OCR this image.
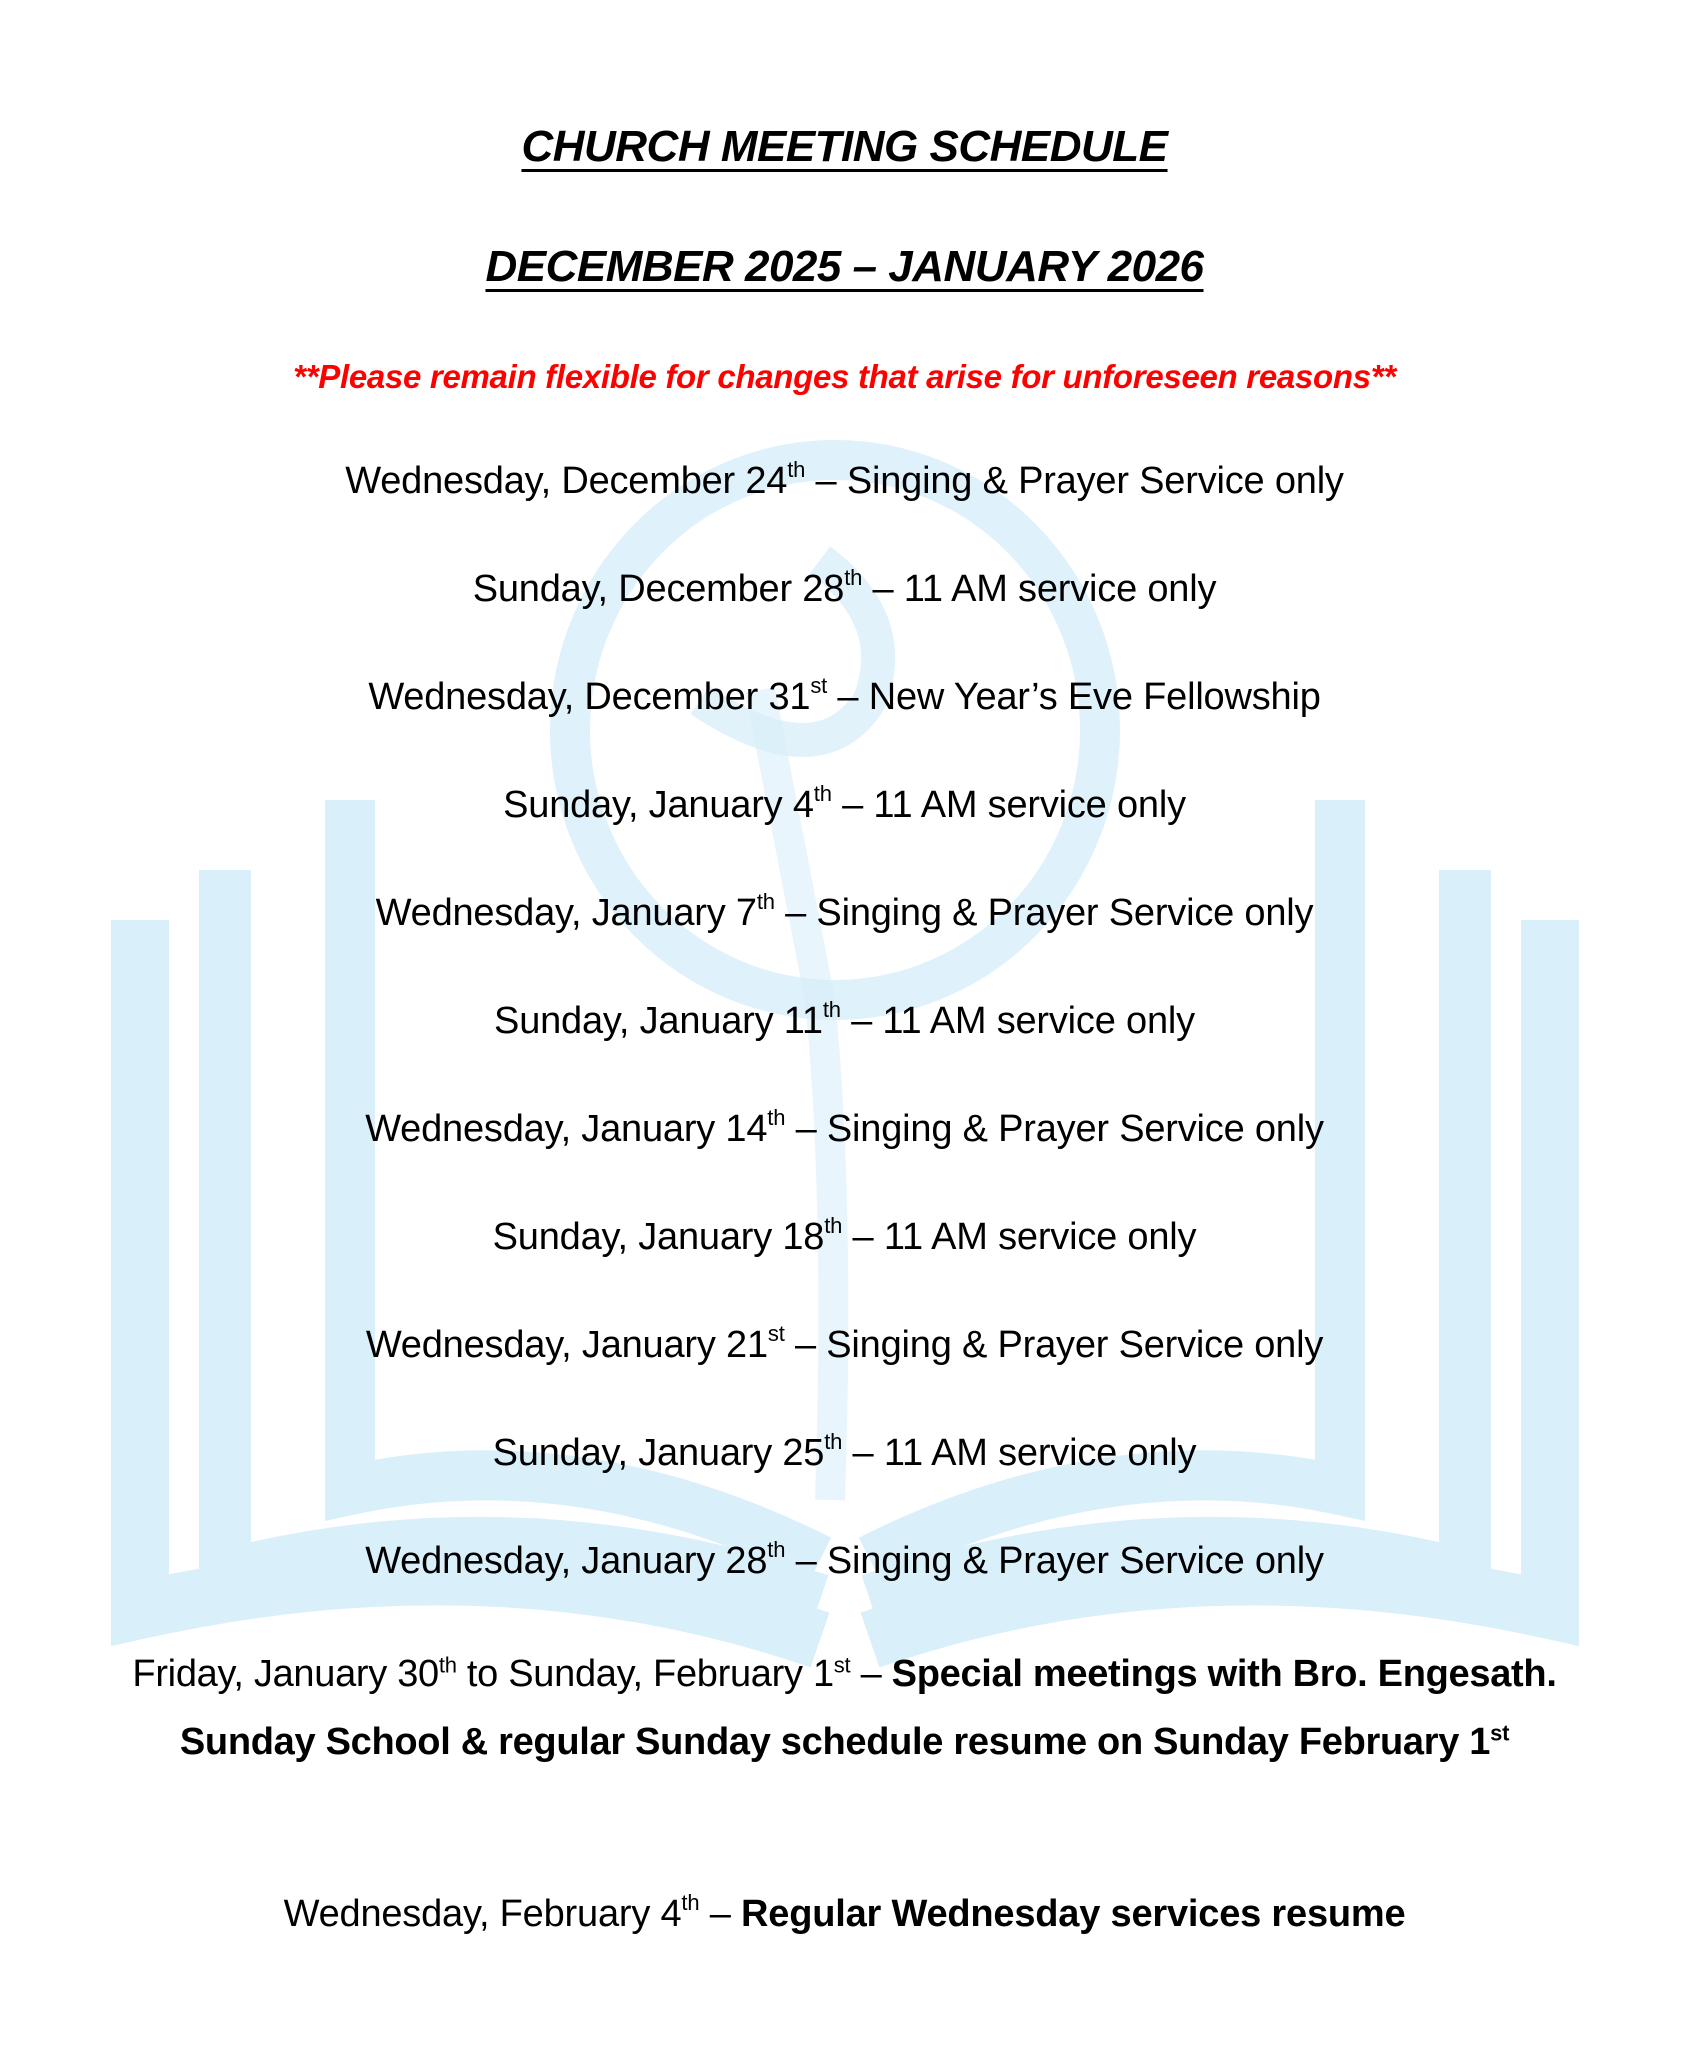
CHURCH MEETING SCHEDULE
DECEMBER 2025 – JANUARY 2026
**Please remain flexible for changes that arise for unforeseen reasons**
Wednesday, December 24th – Singing & Prayer Service only
Sunday, December 28th – 11 AM service only
Wednesday, December 31st – New Year’s Eve Fellowship
Sunday, January 4th – 11 AM service only
Wednesday, January 7th – Singing & Prayer Service only
Sunday, January 11th – 11 AM service only
Wednesday, January 14th – Singing & Prayer Service only
Sunday, January 18th – 11 AM service only
Wednesday, January 21st – Singing & Prayer Service only
Sunday, January 25th – 11 AM service only
Wednesday, January 28th – Singing & Prayer Service only
Friday, January 30th to Sunday, February 1st – Special meetings with Bro. Engesath. Sunday School & regular Sunday schedule resume on Sunday February 1st
Wednesday, February 4th – Regular Wednesday services resume
